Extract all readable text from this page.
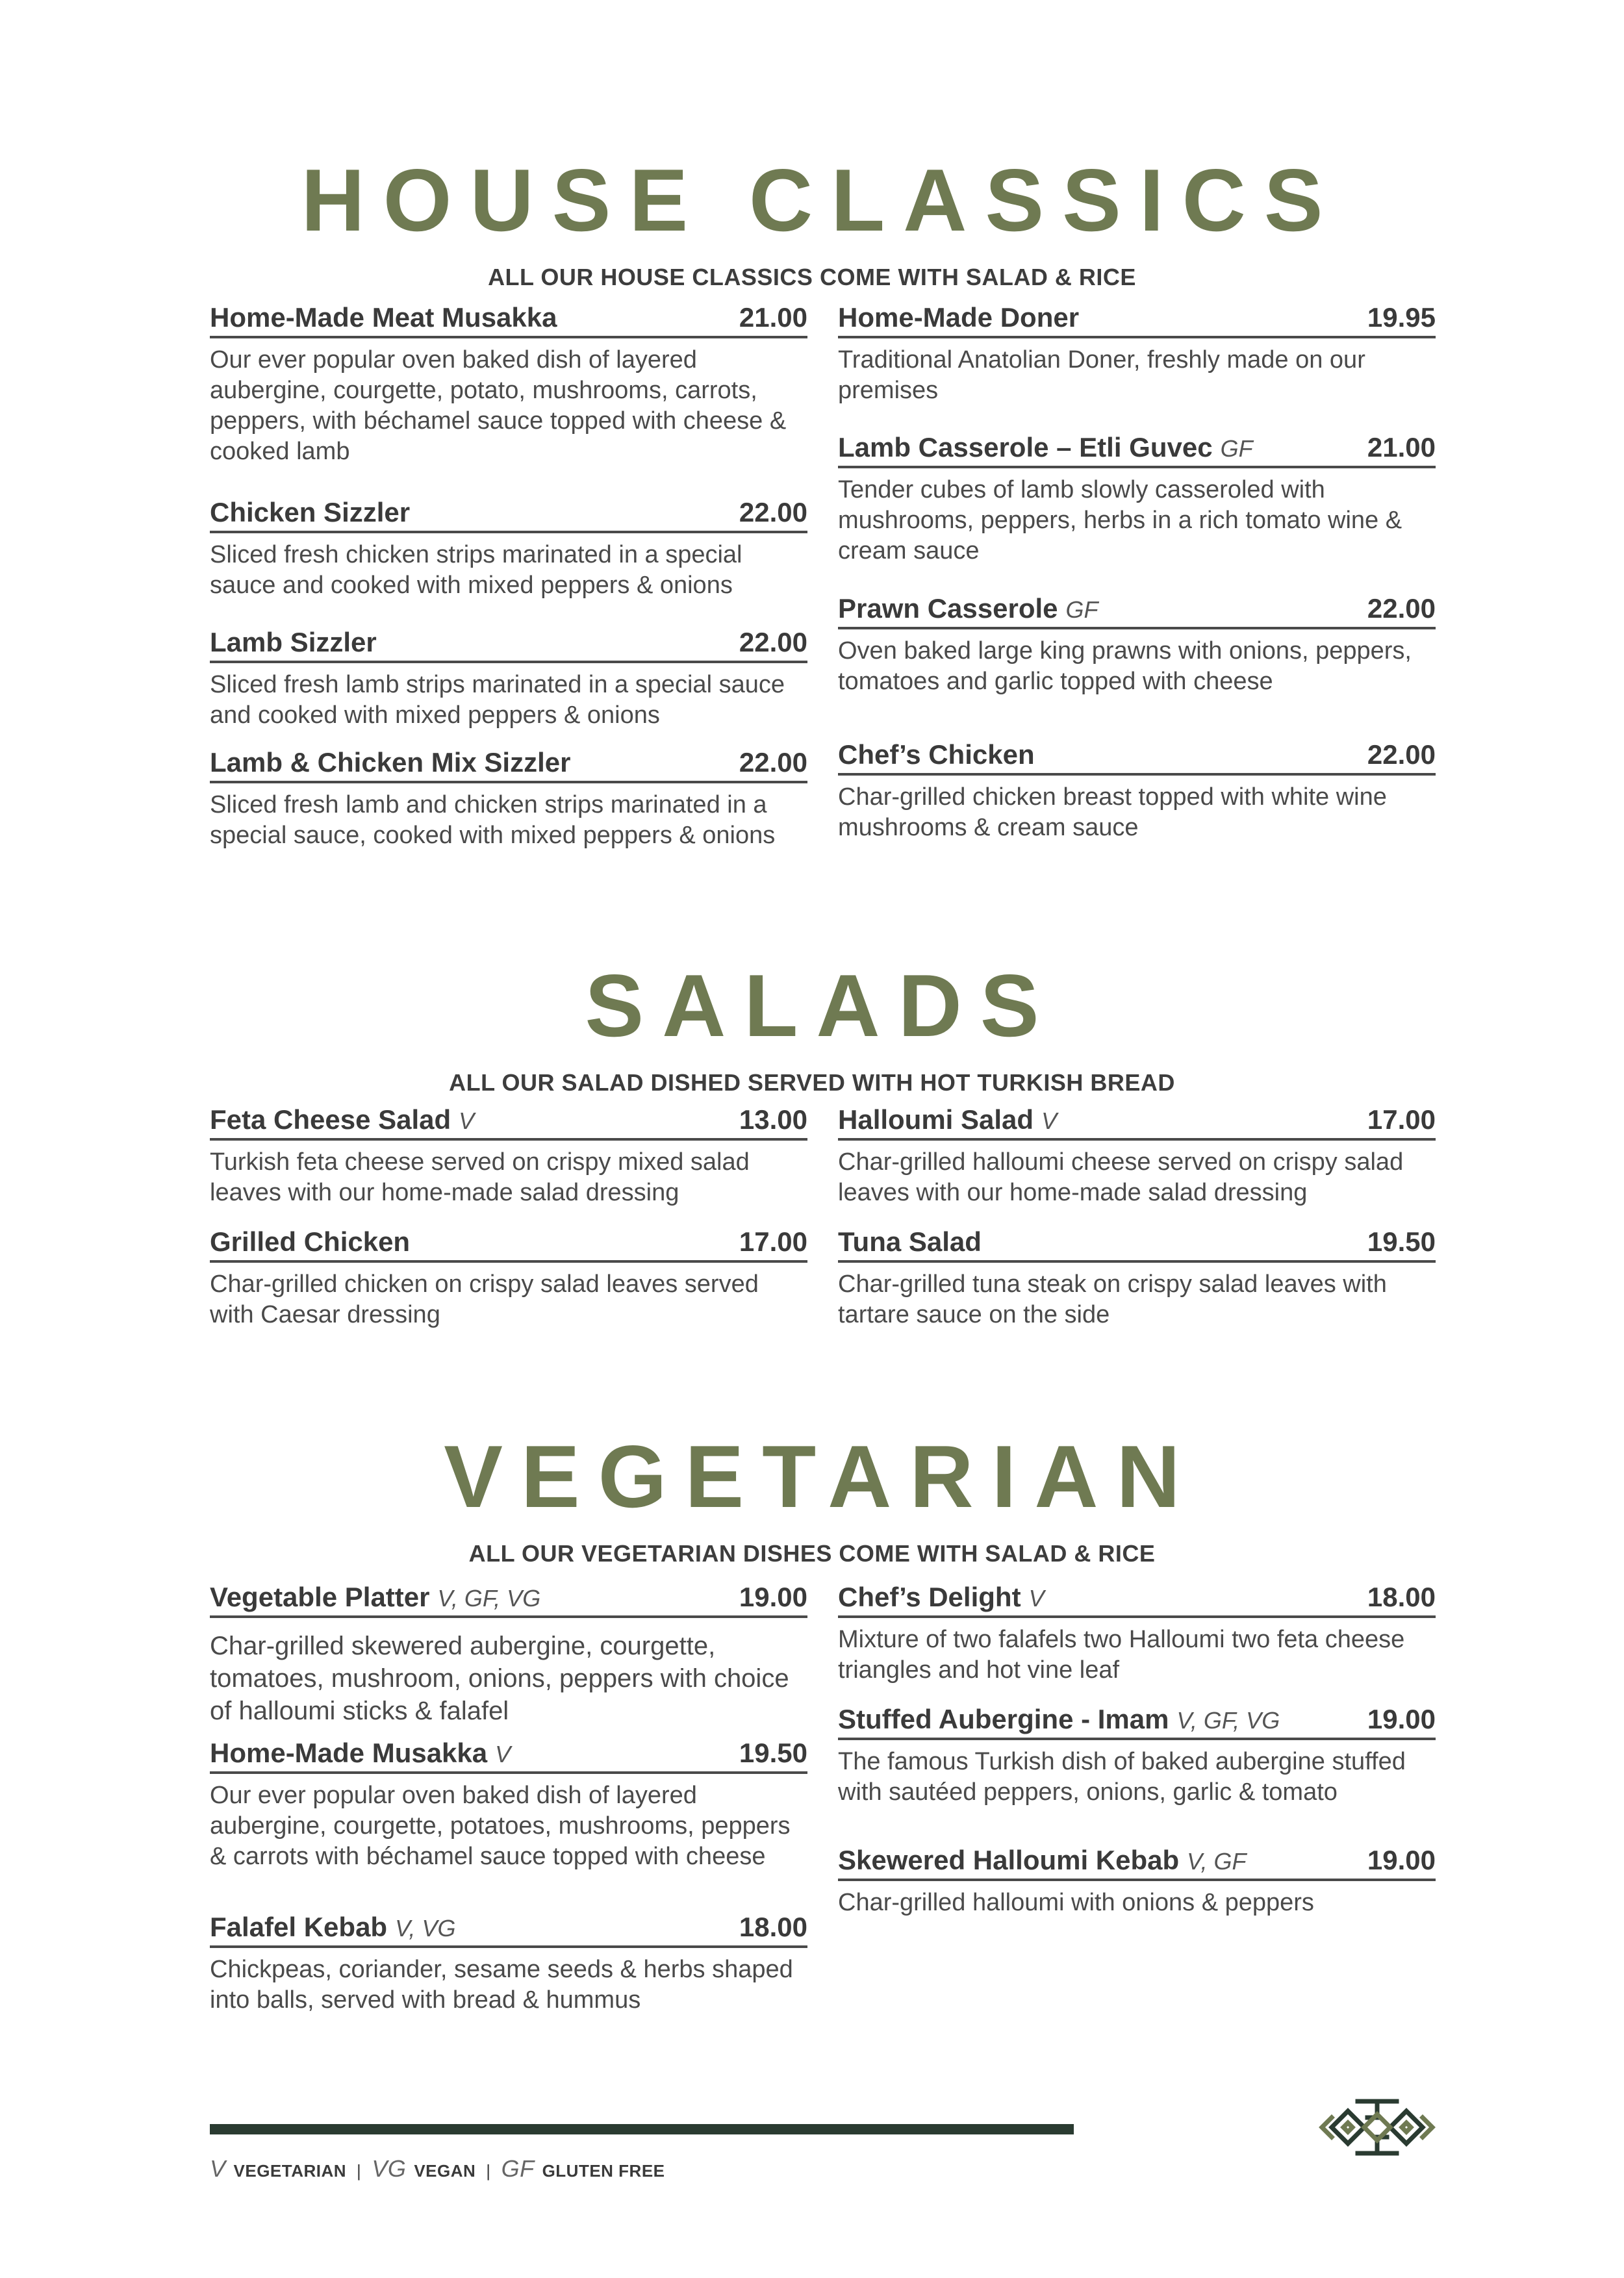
HOUSE CLASSICS
ALL OUR HOUSE CLASSICS COME WITH SALAD & RICE
Home-Made Meat Musakka	21.00
Our ever popular oven baked dish of layered aubergine, courgette, potato, mushrooms, carrots, peppers, with béchamel sauce topped with cheese & cooked lamb
Chicken Sizzler	22.00
Sliced fresh chicken strips marinated in a special sauce and cooked with mixed peppers & onions
Lamb Sizzler	22.00
Sliced fresh lamb strips marinated in a special sauce and cooked with mixed peppers & onions
Lamb & Chicken Mix Sizzler	22.00
Sliced fresh lamb and chicken strips marinated in a special sauce, cooked with mixed peppers & onions
Home-Made Doner	19.95
Traditional Anatolian Doner, freshly made on our premises
Lamb Casserole – Etli Guvec GF	21.00
Tender cubes of lamb slowly casseroled with mushrooms, peppers, herbs in a rich tomato wine & cream sauce
Prawn Casserole GF	22.00
Oven baked large king prawns with onions, peppers, tomatoes and garlic topped with cheese
Chef’s Chicken	22.00
Char-grilled chicken breast topped with white wine mushrooms & cream sauce
SALADS
ALL OUR SALAD DISHED SERVED WITH HOT TURKISH BREAD
Feta Cheese Salad V	13.00
Turkish feta cheese served on crispy mixed salad leaves with our home-made salad dressing
Grilled Chicken	17.00
Char-grilled chicken on crispy salad leaves served with Caesar dressing
Halloumi Salad V	17.00
Char-grilled halloumi cheese served on crispy salad leaves with our home-made salad dressing
Tuna Salad	19.50
Char-grilled tuna steak on crispy salad leaves with tartare sauce on the side
VEGETARIAN
ALL OUR VEGETARIAN DISHES COME WITH SALAD & RICE
Vegetable Platter V, GF, VG	19.00
Char-grilled skewered aubergine, courgette, tomatoes, mushroom, onions, peppers with choice of halloumi sticks & falafel
Home-Made Musakka V	19.50
Our ever popular oven baked dish of layered aubergine, courgette, potatoes, mushrooms, peppers & carrots with béchamel sauce topped with cheese
Falafel Kebab V, VG	18.00
Chickpeas, coriander, sesame seeds & herbs shaped into balls, served with bread & hummus
Chef’s Delight V	18.00
Mixture of two falafels two Halloumi two feta cheese triangles and hot vine leaf
Stuffed Aubergine - Imam V, GF, VG	19.00
The famous Turkish dish of baked aubergine stuffed with sautéed peppers, onions, garlic & tomato
Skewered Halloumi Kebab V, GF	19.00
Char-grilled halloumi with onions & peppers
V VEGETARIAN | VG VEGAN | GF GLUTEN FREE
